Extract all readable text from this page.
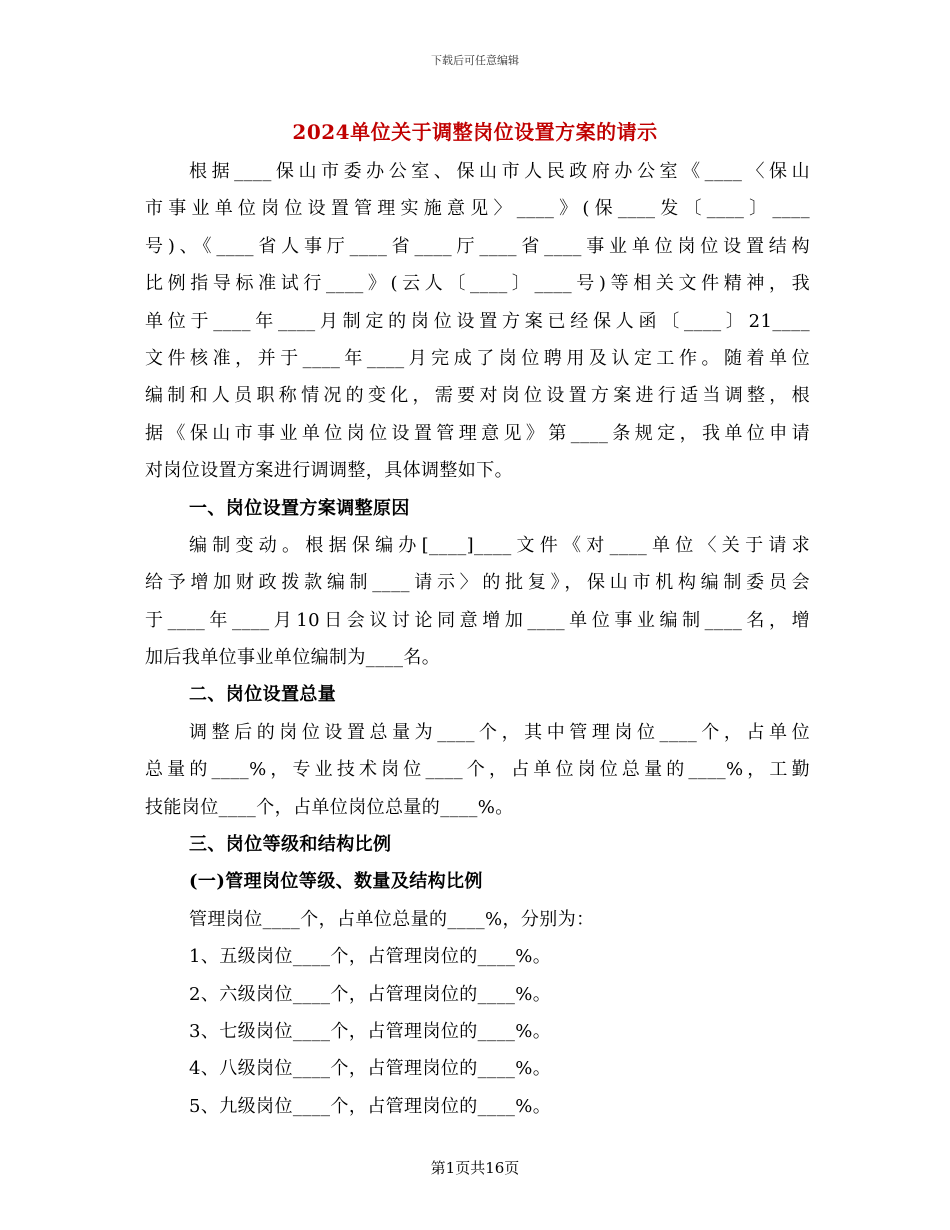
下载后可任意编辑
2024单位关于调整岗位设置方案的请示
根据____保山市委办公室、保山市人民政府办公室《____〈保山
市事业单位岗位设置管理实施意见〉____》(保____发〔____〕____
号)、《____省人事厅____省____厅____省____事业单位岗位设置结构
比例指导标准试行____》(云人〔____〕____号)等相关文件精神，我
单位于____年____月制定的岗位设置方案已经保人函〔____〕21____
文件核准，并于____年____月完成了岗位聘用及认定工作。随着单位
编制和人员职称情况的变化，需要对岗位设置方案进行适当调整，根
据《保山市事业单位岗位设置管理意见》第____条规定，我单位申请
对岗位设置方案进行调调整，具体调整如下。
一、岗位设置方案调整原因
编制变动。根据保编办[____]____文件《对____单位〈关于请求
给予增加财政拨款编制____请示〉的批复》，保山市机构编制委员会
于____年____月10日会议讨论同意增加____单位事业编制____名，增
加后我单位事业单位编制为____名。
二、岗位设置总量
调整后的岗位设置总量为____个，其中管理岗位____个，占单位
总量的____%，专业技术岗位____个，占单位岗位总量的____%，工勤
技能岗位____个，占单位岗位总量的____%。
三、岗位等级和结构比例
(一)管理岗位等级、数量及结构比例
管理岗位____个，占单位总量的____%，分别为：
1、五级岗位____个，占管理岗位的____%。
2、六级岗位____个，占管理岗位的____%。
3、七级岗位____个，占管理岗位的____%。
4、八级岗位____个，占管理岗位的____%。
5、九级岗位____个，占管理岗位的____%。
第1页共16页
